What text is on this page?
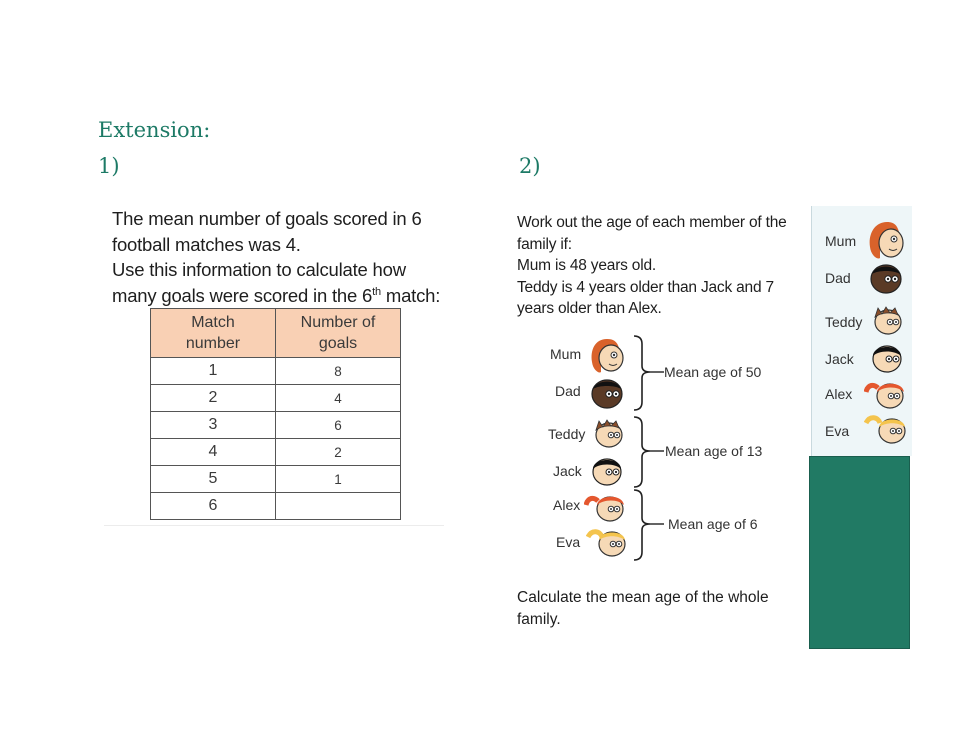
Extension:
1)	2)

The mean number of goals scored in 6

football matches was 4.

Use this information to calculate how

many goals were scored in the 6th match:

Match number	Number of goals
1	8
2	4
3	6
4	2
5	1
6	

Work out the age of each member of the

family if:

Mum is 48 years old.

Teddy is 4 years older than Jack and 7

years older than Alex.

Mum
Dad
Teddy
Jack
Alex
Eva
Mean age of 50
Mean age of 13
Mean age of 6
Calculate the mean age of the whole
family.
Mum
Dad
Teddy
Jack
Alex
Eva
